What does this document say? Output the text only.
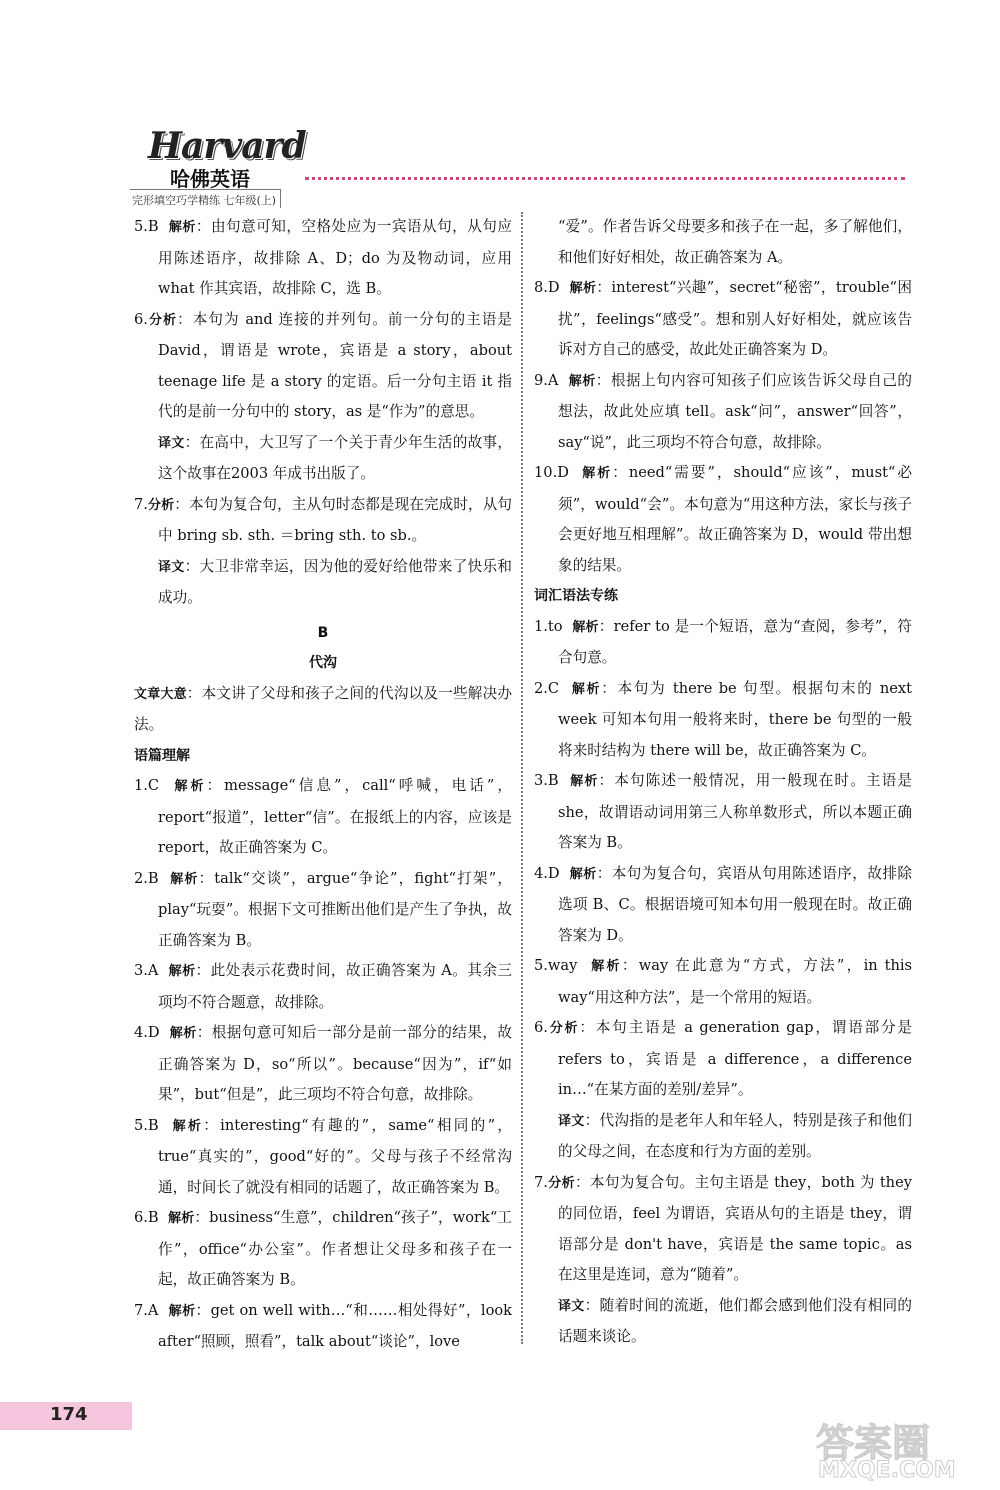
Harvard
哈佛英语
完形填空巧学精练 七年级(上)
5.B 解析：由句意可知，空格处应为一宾语从句，从句应用陈述语序，故排除 A、D；do 为及物动词，应用 what 作其宾语，故排除 C，选 B。
6.分析：本句为 and 连接的并列句。前一分句的主语是David，谓语是 wrote，宾语是 a story，about teenage life 是 a story 的定语。后一分句主语 it 指代的是前一分句中的 story，as 是“作为”的意思。
译文：在高中，大卫写了一个关于青少年生活的故事，这个故事在2003 年成书出版了。
7.分析：本句为复合句，主从句时态都是现在完成时，从句中 bring sb. sth. ＝bring sth. to sb.。
译文：大卫非常幸运，因为他的爱好给他带来了快乐和成功。

B

代沟

文章大意：本文讲了父母和孩子之间的代沟以及一些解决办法。

语篇理解

1.C 解析：message“信息”，call“呼喊，电话”，report“报道”，letter“信”。在报纸上的内容，应该是report，故正确答案为 C。
2.B 解析：talk“交谈”，argue“争论”，fight“打架”，play“玩耍”。根据下文可推断出他们是产生了争执，故正确答案为 B。
3.A 解析：此处表示花费时间，故正确答案为 A。其余三项均不符合题意，故排除。
4.D 解析：根据句意可知后一部分是前一部分的结果，故正确答案为 D，so“所以”。because“因为”，if“如果”，but“但是”，此三项均不符合句意，故排除。
5.B 解析：interesting“有趣的”，same“相同的”，true“真实的”，good“好的”。父母与孩子不经常沟通，时间长了就没有相同的话题了，故正确答案为 B。
6.B 解析：business“生意”，children“孩子”，work“工作”，office“办公室”。作者想让父母多和孩子在一起，故正确答案为 B。
7.A 解析：get on well with…“和……相处得好”，look after“照顾，照看”，talk about“谈论”，love
“爱”。作者告诉父母要多和孩子在一起，多了解他们，和他们好好相处，故正确答案为 A。
8.D 解析：interest“兴趣”，secret“秘密”，trouble“困扰”，feelings“感受”。想和别人好好相处，就应该告诉对方自己的感受，故此处正确答案为 D。
9.A 解析：根据上句内容可知孩子们应该告诉父母自己的想法，故此处应填 tell。ask“问”，answer“回答”，say“说”，此三项均不符合句意，故排除。
10.D 解析：need“需要”，should“应该”，must“必须”，would“会”。本句意为“用这种方法，家长与孩子会更好地互相理解”。故正确答案为 D，would 带出想象的结果。

词汇语法专练

1.to 解析：refer to 是一个短语，意为“查阅，参考”，符合句意。
2.C 解析：本句为 there be 句型。根据句末的 next week 可知本句用一般将来时，there be 句型的一般将来时结构为 there will be，故正确答案为 C。
3.B 解析：本句陈述一般情况，用一般现在时。主语是 she，故谓语动词用第三人称单数形式，所以本题正确答案为 B。
4.D 解析：本句为复合句，宾语从句用陈述语序，故排除选项 B、C。根据语境可知本句用一般现在时。故正确答案为 D。
5.way 解析：way 在此意为“方式，方法”，in this way“用这种方法”，是一个常用的短语。
6.分析：本句主语是 a generation gap，谓语部分是 refers to，宾语是 a difference，a difference in…“在某方面的差别/差异”。
译文：代沟指的是老年人和年轻人，特别是孩子和他们的父母之间，在态度和行为方面的差别。
7.分析：本句为复合句。主句主语是 they，both 为 they 的同位语，feel 为谓语，宾语从句的主语是 they，谓语部分是 don't have，宾语是 the same topic。as 在这里是连词，意为“随着”。
译文：随着时间的流逝，他们都会感到他们没有相同的话题来谈论。
174
答案圈
MXQE.COM
